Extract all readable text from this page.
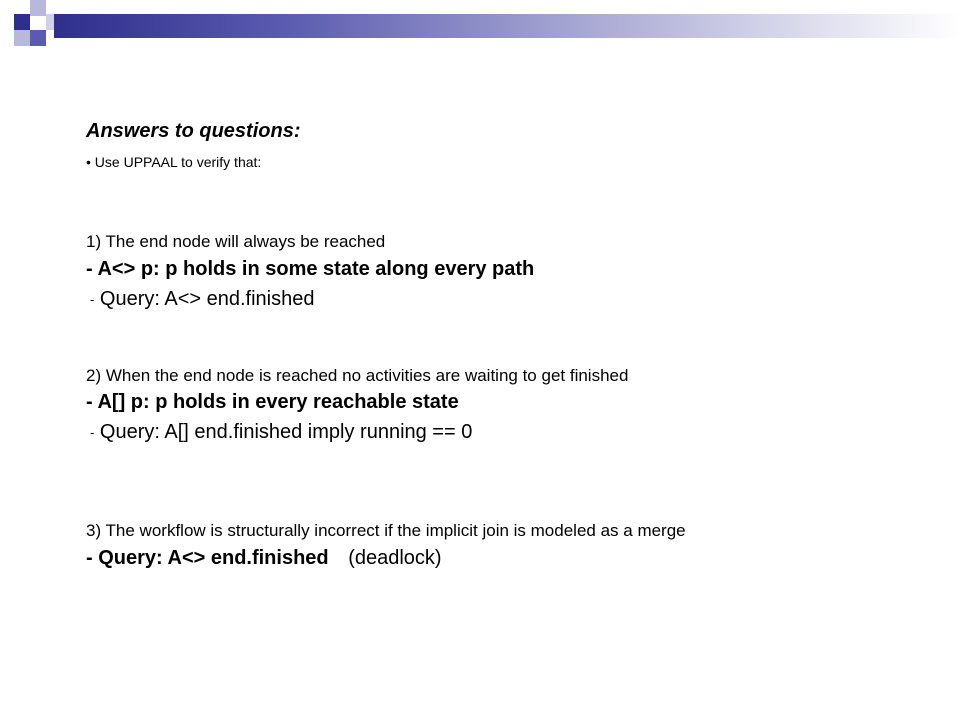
Answers to questions:
• Use UPPAAL to verify that:
1) The end node will always be reached
- A<> p: p holds in some state along every path
- Query: A<> end.finished
2) When the end node is reached no activities are waiting to get finished
- A[] p: p holds in every reachable state
- Query: A[] end.finished imply running == 0
3) The workflow is structurally incorrect if the implicit join is modeled as a merge
- Query: A<> end.finished (deadlock)
